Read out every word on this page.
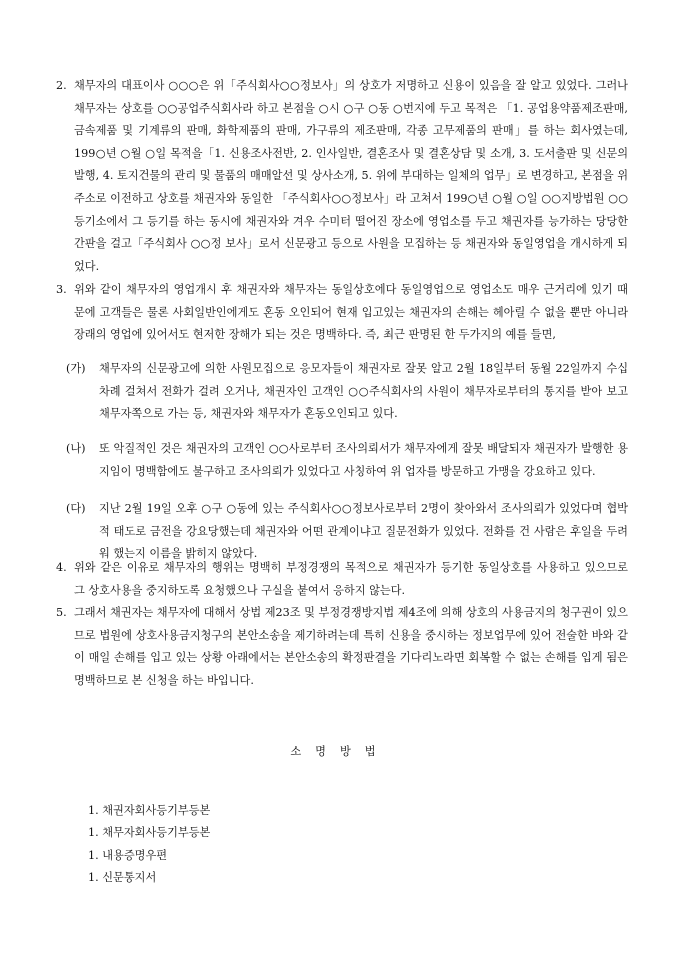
2. 채무자의 대표이사 ○○○은 위「주식회사○○정보사」의 상호가 저명하고 신용이 있음을 잘 알고 있었다. 그러나 채무자는 상호를 ○○공업주식회사라 하고 본점을 ○시 ○구 ○동 ○번지에 두고 목적은 「1. 공업용약품제조판매, 금속제품 및 기계류의 판매, 화학제품의 판매, 가구류의 제조판매, 각종 고무제품의 판매」를 하는 회사였는데, 199○년 ○월 ○일 목적을「1. 신용조사전반, 2. 인사일반, 결혼조사 및 결혼상담 및 소개, 3. 도서출판 및 신문의 발행, 4. 토지건물의 관리 및 물품의 매매알선 및 상사소개, 5. 위에 부대하는 일체의 업무」로 변경하고, 본점을 위 주소로 이전하고 상호를 채권자와 동일한 「주식회사○○정보사」라 고쳐서 199○년 ○월 ○일 ○○지방법원 ○○등기소에서 그 등기를 하는 동시에 채권자와 겨우 수미터 떨어진 장소에 영업소를 두고 채권자를 능가하는 당당한 간판을 걸고「주식회사 ○○정 보사」로서 신문광고 등으로 사원을 모집하는 등 채권자와 동일영업을 개시하게 되었다.
3. 위와 같이 채무자의 영업개시 후 채권자와 채무자는 동일상호에다 동일영업으로 영업소도 매우 근거리에 있기 때문에 고객들은 물론 사회일반인에게도 혼동 오인되어 현재 입고있는 채권자의 손해는 헤아릴 수 없을 뿐만 아니라 장래의 영업에 있어서도 현저한 장해가 되는 것은 명백하다. 즉, 최근 판명된 한 두가지의 예를 들면,
(가) 채무자의 신문광고에 의한 사원모집으로 응모자들이 채권자로 잘못 알고 2월 18일부터 동월 22일까지 수십차례 걸쳐서 전화가 걸려 오거나, 채권자인 고객인 ○○주식회사의 사원이 채무자로부터의 통지를 받아 보고 채무자쪽으로 가는 등, 채권자와 채무자가 혼동오인되고 있다.
(나) 또 악질적인 것은 채권자의 고객인 ○○사로부터 조사의뢰서가 채무자에게 잘못 배달되자 채권자가 발행한 용지임이 명백함에도 불구하고 조사의뢰가 있었다고 사칭하여 위 업자를 방문하고 가맹을 강요하고 있다.
(다) 지난 2월 19일 오후 ○구 ○동에 있는 주식회사○○정보사로부터 2명이 찾아와서 조사의뢰가 있었다며 협박적 태도로 금전을 강요당했는데 채권자와 어떤 관계이냐고 질문전화가 있었다. 전화를 건 사람은 후일을 두려워 했는지 이름을 밝히지 않았다.
4. 위와 같은 이유로 채무자의 행위는 명백히 부정경쟁의 목적으로 채권자가 등기한 동일상호를 사용하고 있으므로 그 상호사용을 중지하도록 요청했으나 구실을 붙여서 응하지 않는다.
5. 그래서 채권자는 채무자에 대해서 상법 제23조 및 부정경쟁방지법 제4조에 의해 상호의 사용금지의 청구권이 있으므로 법원에 상호사용금지청구의 본안소송을 제기하려는데 특히 신용을 중시하는 정보업무에 있어 전술한 바와 같이 매일 손해를 입고 있는 상황 아래에서는 본안소송의 확정판결을 기다리노라면 회복할 수 없는 손해를 입게 됨은 명백하므로 본 신청을 하는 바입니다.
소명방법
1. 채권자회사등기부등본
1. 채무자회사등기부등본
1. 내용증명우편
1. 신문통지서
